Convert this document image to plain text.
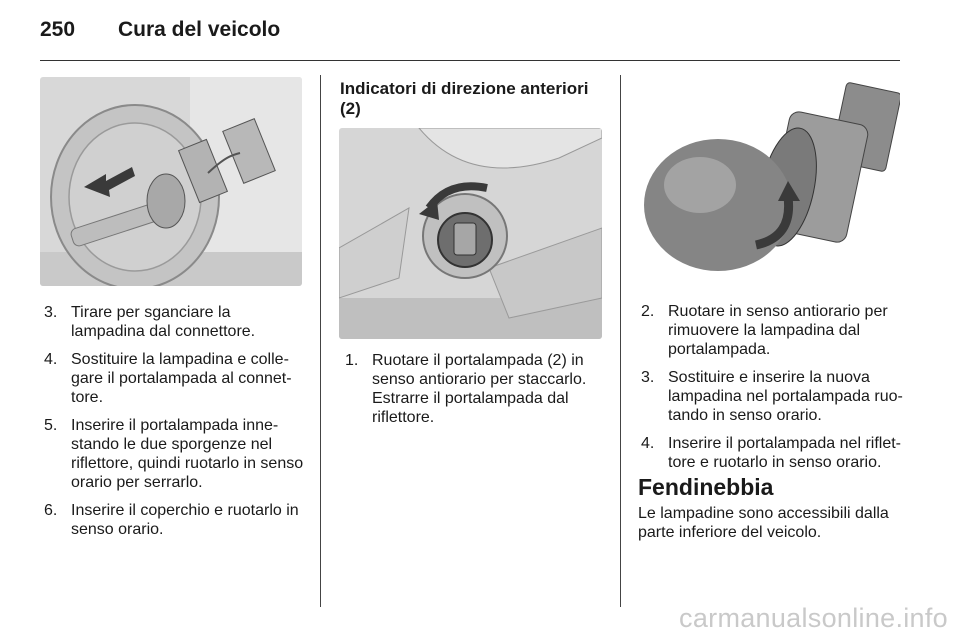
250 Cura del veicolo
3. Tirare per sganciare la lampadina dal connettore.
4. Sostituire la lampadina e collegare il portalampada al connettore.
5. Inserire il portalampada innestando le due sporgenze nel riflettore, quindi ruotarlo in senso orario per serrarlo.
6. Inserire il coperchio e ruotarlo in senso orario.
Indicatori di direzione anteriori (2)
1. Ruotare il portalampada (2) in senso antiorario per staccarlo. Estrarre il portalampada dal riflettore.
2. Ruotare in senso antiorario per rimuovere la lampadina dal portalampada.
3. Sostituire e inserire la nuova lampadina nel portalampada ruotando in senso orario.
4. Inserire il portalampada nel riflettore e ruotarlo in senso orario.
Fendinebbia
Le lampadine sono accessibili dalla parte inferiore del veicolo.
carmanualsonline.info
